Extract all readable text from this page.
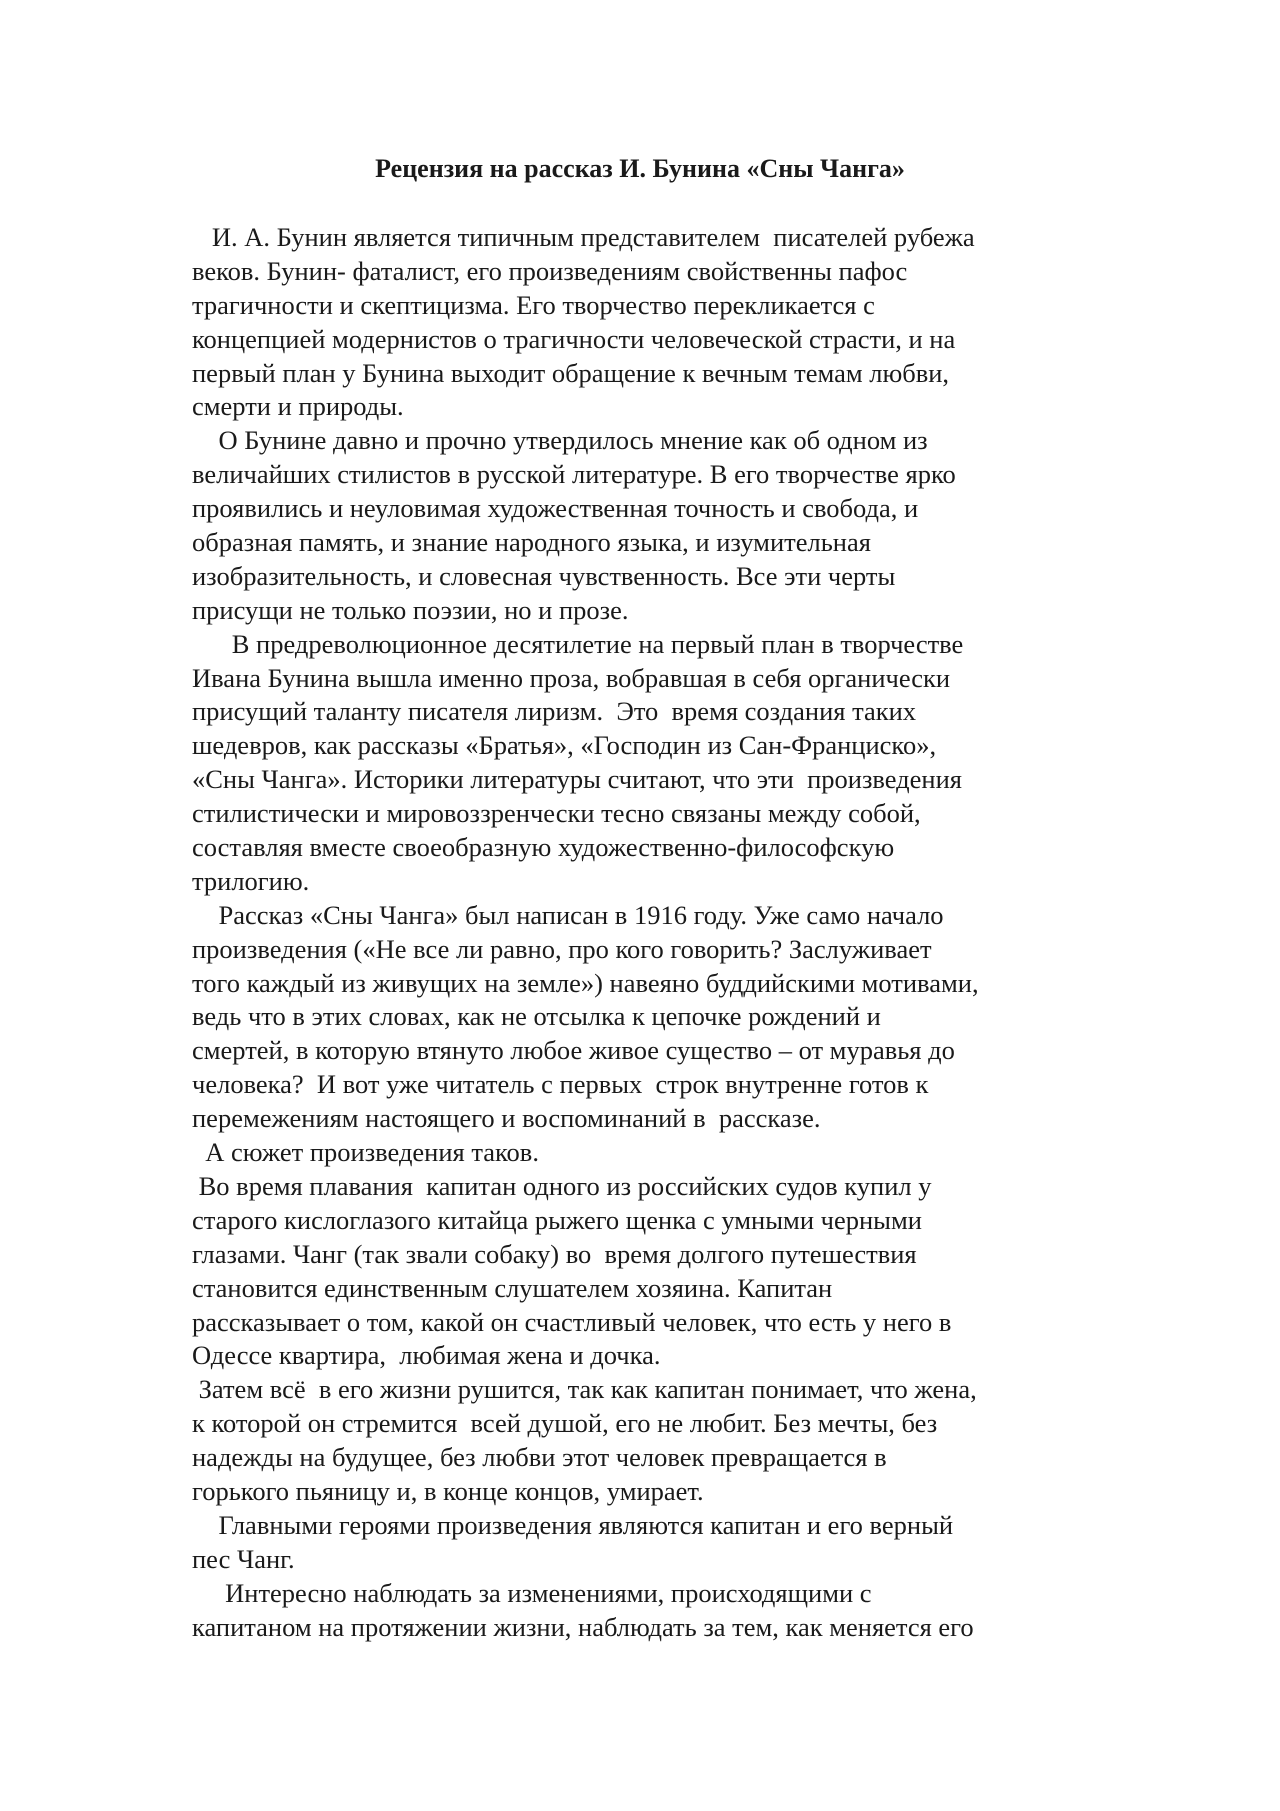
Рецензия на рассказ И. Бунина «Сны Чанга»
И. А. Бунин является типичным представителем  писателей рубежа
веков. Бунин- фаталист, его произведениям свойственны пафос
трагичности и скептицизма. Его творчество перекликается с
концепцией модернистов о трагичности человеческой страсти, и на
первый план у Бунина выходит обращение к вечным темам любви,
смерти и природы.
О Бунине давно и прочно утвердилось мнение как об одном из
величайших стилистов в русской литературе. В его творчестве ярко
проявились и неуловимая художественная точность и свобода, и
образная память, и знание народного языка, и изумительная
изобразительность, и словесная чувственность. Все эти черты
присущи не только поэзии, но и прозе.
В предреволюционное десятилетие на первый план в творчестве
Ивана Бунина вышла именно проза, вобравшая в себя органически
присущий таланту писателя лиризм.  Это  время создания таких
шедевров, как рассказы «Братья», «Господин из Сан-Франциско»,
«Сны Чанга». Историки литературы считают, что эти  произведения
стилистически и мировоззренчески тесно связаны между собой,
составляя вместе своеобразную художественно-философскую
трилогию.
Рассказ «Сны Чанга» был написан в 1916 году. Уже само начало
произведения («Не все ли равно, про кого говорить? Заслуживает
того каждый из живущих на земле») навеяно буддийскими мотивами,
ведь что в этих словах, как не отсылка к цепочке рождений и
смертей, в которую втянуто любое живое существо – от муравья до
человека?  И вот уже читатель с первых  строк внутренне готов к
перемежениям настоящего и воспоминаний в  рассказе.
А сюжет произведения таков.
Во время плавания  капитан одного из российских судов купил у
старого кислоглазого китайца рыжего щенка с умными черными
глазами. Чанг (так звали собаку) во  время долгого путешествия
становится единственным слушателем хозяина. Капитан
рассказывает о том, какой он счастливый человек, что есть у него в
Одессе квартира,  любимая жена и дочка.
Затем всё  в его жизни рушится, так как капитан понимает, что жена,
к которой он стремится  всей душой, его не любит. Без мечты, без
надежды на будущее, без любви этот человек превращается в
горького пьяницу и, в конце концов, умирает.
Главными героями произведения являются капитан и его верный
пес Чанг.
Интересно наблюдать за изменениями, происходящими с
капитаном на протяжении жизни, наблюдать за тем, как меняется его
